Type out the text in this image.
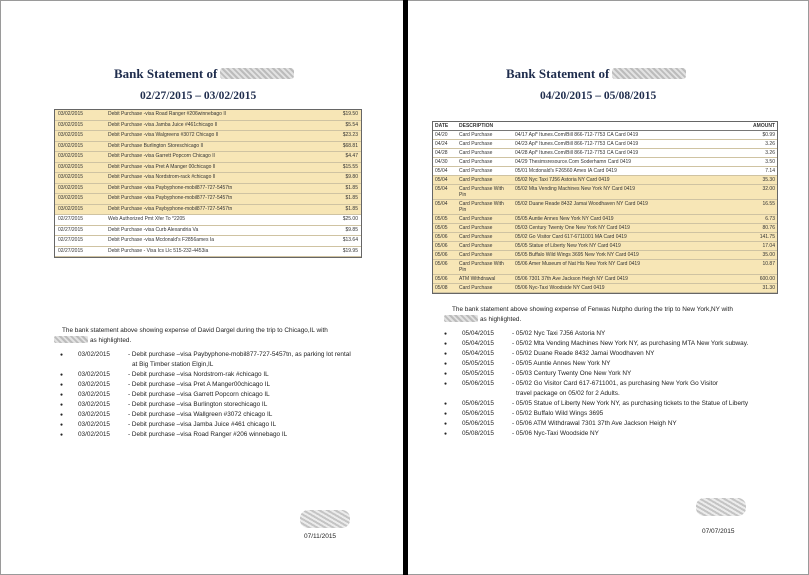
Bank Statement of
02/27/2015 – 03/02/2015
03/02/2015	Debit Purchase -visa Road Ranger #206winnebago Il	$19.50
03/02/2015	Debit Purchase -visa Jamba Juice #461chicago Il	$5.54
03/02/2015	Debit Purchase -visa Walgreens #3072 Chicago Il	$23.23
03/02/2015	Debit Purchase Burlington Storeschicago Il	$68.81
03/02/2015	Debit Purchase -visa Garrett Popcorn Chicago Il	$4.47
03/02/2015	Debit Purchase -visa Pret A Manger 00chicago Il	$15.55
03/02/2015	Debit Purchase -visa Nordstrom-rack #chicago Il	$9.80
03/02/2015	Debit Purchase -visa Paybyphone-mobil877-727-5457tn	$1.85
03/02/2015	Debit Purchase -visa Paybyphone-mobil877-727-5457tn	$1.85
03/02/2015	Debit Purchase -visa Paybyphone-mobil877-727-5457tn	$1.85
02/27/2015	Web Authorized Pmt Xfer To *2205	$25.00
02/27/2015	Debit Purchase -visa Curb Alexandria Va	$9.85
02/27/2015	Debit Purchase -visa Mcdonald's F2856ames Ia	$13.64
02/27/2015	Debit Purchase - Visa Ics Llc 515-232-4453ia	$19.95
The bank statement above showing expense of David Dargel during the trip to Chicago,IL with
as highlighted.
● 03/02/2015	- Debit purchase –visa Paybyphone-mobil877-727-5457tn, as parking lot rental
at Big Timber station Elgin,IL
● 03/02/2015	- Debit purchase –visa Nordstrom-rak #chicago IL
● 03/02/2015	- Debit purchase –visa Pret A Manger00chicago IL
● 03/02/2015	- Debit purchase –visa Garrett Popcorn chicago IL
● 03/02/2015	- Debit purchase –visa Burlington storechicago IL
● 03/02/2015	- Debit purchase –visa Wallgreen #3072 chicago IL
● 03/02/2015	- Debit purchase –visa Jamba Juice #461 chicago IL
● 03/02/2015	- Debit purchase –visa Road Ranger #206 winnebago IL
07/11/2015
Bank Statement of
04/20/2015 – 05/08/2015
DATE	DESCRIPTION		AMOUNT
04/20	Card Purchase	04/17 Apl* Itunes.Com/Bill 866-712-7753 CA Card 0419	$0.99
04/24	Card Purchase	04/23 Apl* Itunes.Com/Bill 866-712-7753 CA Card 0419	3.26
04/28	Card Purchase	04/28 Apl* Itunes.Com/Bill 866-712-7753 CA Card 0419	3.26
04/30	Card Purchase	04/29 Thesimsresource.Com Soderhamn Card 0419	3.50
05/04	Card Purchase	05/01 Mcdonald's F26560 Ames IA Card 0419	7.14
05/04	Card Purchase	05/02 Nyc Taxi 7J56 Astoria NY Card 0419	35.30
05/04	Card Purchase With Pin	05/02 Mta Vending Machines New York NY Card 0419	32.00
05/04	Card Purchase With Pin	05/02 Duane Reade 8432 Jamai Woodhaven NY Card 0419	16.55
05/05	Card Purchase	05/05 Auntie Annes New York NY Card 0419	6.73
05/05	Card Purchase	05/03 Century Twenty One New York NY Card 0419	80.76
05/06	Card Purchase	05/02 Go Visitor Card 617-6711001 MA Card 0419	141.75
05/06	Card Purchase	05/05 Statue of Liberty New York NY Card 0419	17.04
05/06	Card Purchase	05/05 Buffalo Wild Wings 3695 New York NY Card 0419	35.00
05/06	Card Purchase With Pin	05/06 Amer Museum of Nat His New York NY Card 0419	10.87
05/06	ATM Withdrawal	05/06 7301 37th Ave Jackson Heigh NY Card 0419	600.00
05/08	Card Purchase	05/06 Nyc-Taxi Woodside NY Card 0419	31.30
The bank statement above showing expense of Fenwas Nutpho during the trip to New York,NY with
as highlighted.
● 05/04/2015	- 05/02 Nyc Taxi 7J56 Astoria NY
● 05/04/2015	- 05/02 Mta Vending Machines New York NY, as purchasing MTA New York subway.
● 05/04/2015	- 05/02 Duane Reade 8432 Jamai Woodhaven NY
● 05/05/2015	- 05/05 Auntie Annes New York NY
● 05/05/2015	- 05/03 Century Twenty One New York NY
● 05/06/2015	- 05/02 Go Visitor Card 617-6711001, as purchasing New York Go Visitor
travel package on 05/02 for 2 Adults.
● 05/06/2015	- 05/05 Statue of Liberty New York NY, as purchasing tickets to the Statue of Liberty
● 05/06/2015	- 05/02 Buffalo Wild Wings 3695
● 05/06/2015	- 05/06 ATM Withdrawal 7301 37th Ave Jackson Heigh NY
● 05/08/2015	- 05/06 Nyc-Taxi Woodside NY
07/07/2015
